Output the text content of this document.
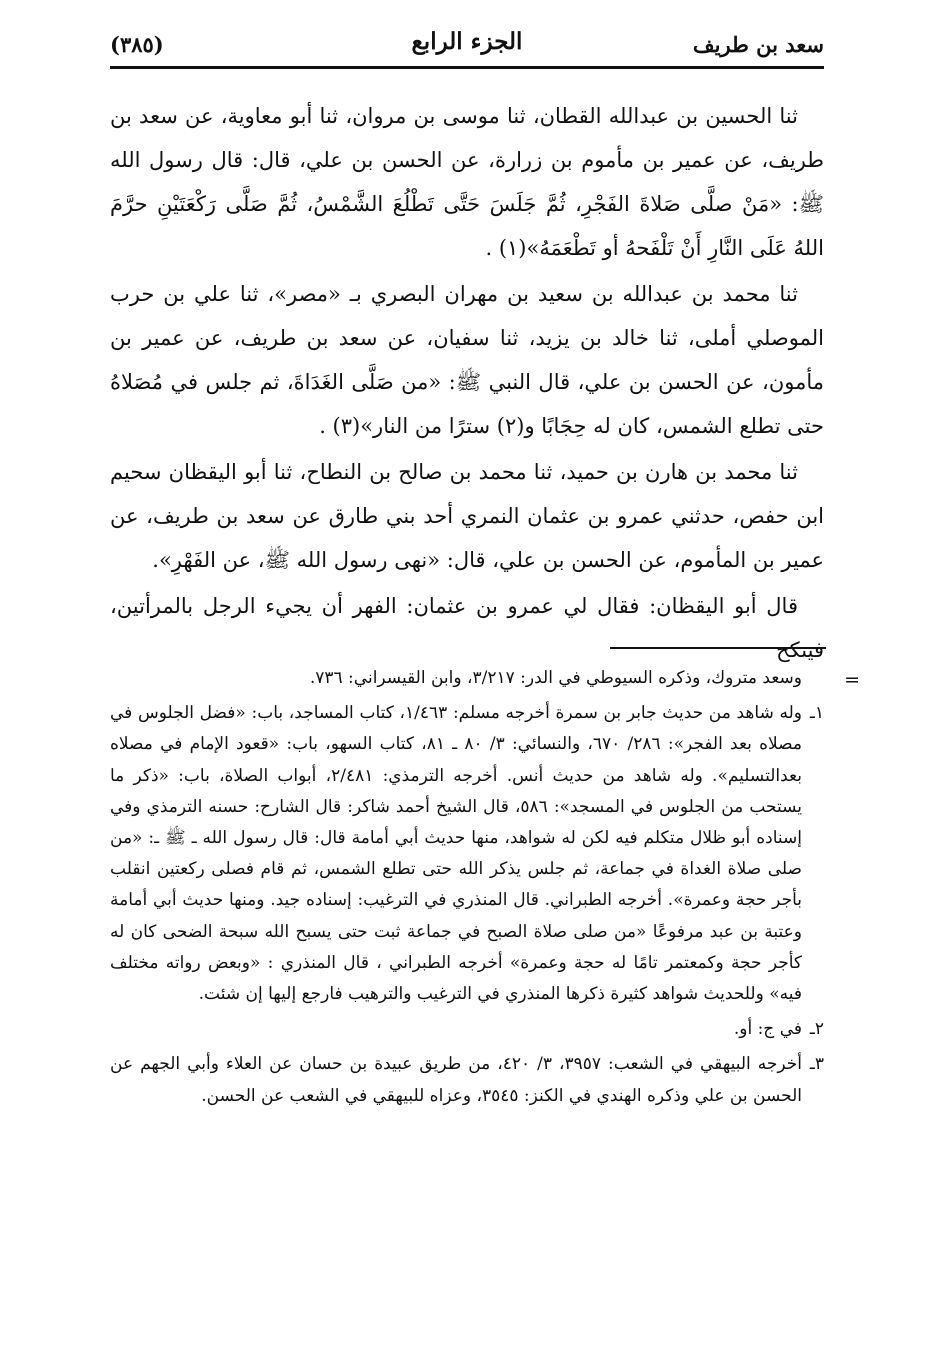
سعد بن طريف
الجزء الرابع
(٣٨٥)

ثنا الحسين بن عبدالله القطان، ثنا موسى بن مروان، ثنا أبو معاوية، عن سعد بن طريف، عن عمير بن مأموم بن زرارة، عن الحسن بن علي، قال: قال رسول الله ﷺ: «مَنْ صلَّى صَلاةَ الفَجْرِ، ثُمَّ جَلَسَ حَتَّى تَطْلُعَ الشَّمْسُ، ثُمَّ صَلَّى رَكْعَتَيْنِ حرَّمَ اللهُ عَلَى النَّارِ أَنْ تَلْفَحهُ أو تَطْعَمَهُ»(١) .

ثنا محمد بن عبدالله بن سعيد بن مهران البصري بـ «مصر»، ثنا علي بن حرب الموصلي أملى، ثنا خالد بن يزيد، ثنا سفيان، عن سعد بن طريف، عن عمير بن مأمون، عن الحسن بن علي، قال النبي ﷺ: «من صَلَّى الغَدَاةَ، ثم جلس في مُصَلاهُ حتى تطلع الشمس، كان له حِجَابًا و(٢) سترًا من النار»(٣) .

ثنا محمد بن هارن بن حميد، ثنا محمد بن صالح بن النطاح، ثنا أبو اليقظان سحيم ابن حفص، حدثني عمرو بن عثمان النمري أحد بني طارق عن سعد بن طريف، عن عمير بن المأموم، عن الحسن بن علي، قال: «نهى رسول الله ﷺ، عن الفَهْرِ».

قال أبو اليقظان: فقال لي عمرو بن عثمان: الفهر أن يجيء الرجل بالمرأتين، فينكح

=
وسعد متروك، وذكره السيوطي في الدر: ٣/٢١٧، وابن القيسراني: ٧٣٦.
١ـ
وله شاهد من حديث جابر بن سمرة أخرجه مسلم: ١/٤٦٣، كتاب المساجد، باب: «فضل الجلوس في مصلاه بعد الفجر»: ٢٨٦/ ٦٧٠، والنسائي: ٣/ ٨٠ ـ ٨١، كتاب السهو، باب: «قعود الإمام في مصلاه بعدالتسليم». وله شاهد من حديث أنس. أخرجه الترمذي: ٢/٤٨١، أبواب الصلاة، باب: «ذكر ما يستحب من الجلوس في المسجد»: ٥٨٦، قال الشيخ أحمد شاكر: قال الشارح: حسنه الترمذي وفي إسناده أبو ظلال متكلم فيه لكن له شواهد، منها حديث أبي أمامة قال: قال رسول الله ـ ﷺ ـ: «من صلى صلاة الغداة في جماعة، ثم جلس يذكر الله حتى تطلع الشمس، ثم قام فصلى ركعتين انقلب بأجر حجة وعمرة». أخرجه الطبراني. قال المنذري في الترغيب: إسناده جيد. ومنها حديث أبي أمامة وعتبة بن عبد مرفوعًا «من صلى صلاة الصبح في جماعة ثبت حتى يسبح الله سبحة الضحى كان له كأجر حجة وكمعتمر تامًا له حجة وعمرة» أخرجه الطبراني ، قال المنذري : «وبعض رواته مختلف فيه» وللحديث شواهد كثيرة ذكرها المنذري في الترغيب والترهيب فارجع إليها إن شئت.
٢ـ
في ج: أو.
٣ـ
أخرجه البيهقي في الشعب: ٣٩٥٧، ٣/ ٤٢٠، من طريق عبيدة بن حسان عن العلاء وأبي الجهم عن الحسن بن علي وذكره الهندي في الكنز: ٣٥٤٥، وعزاه للبيهقي في الشعب عن الحسن.
